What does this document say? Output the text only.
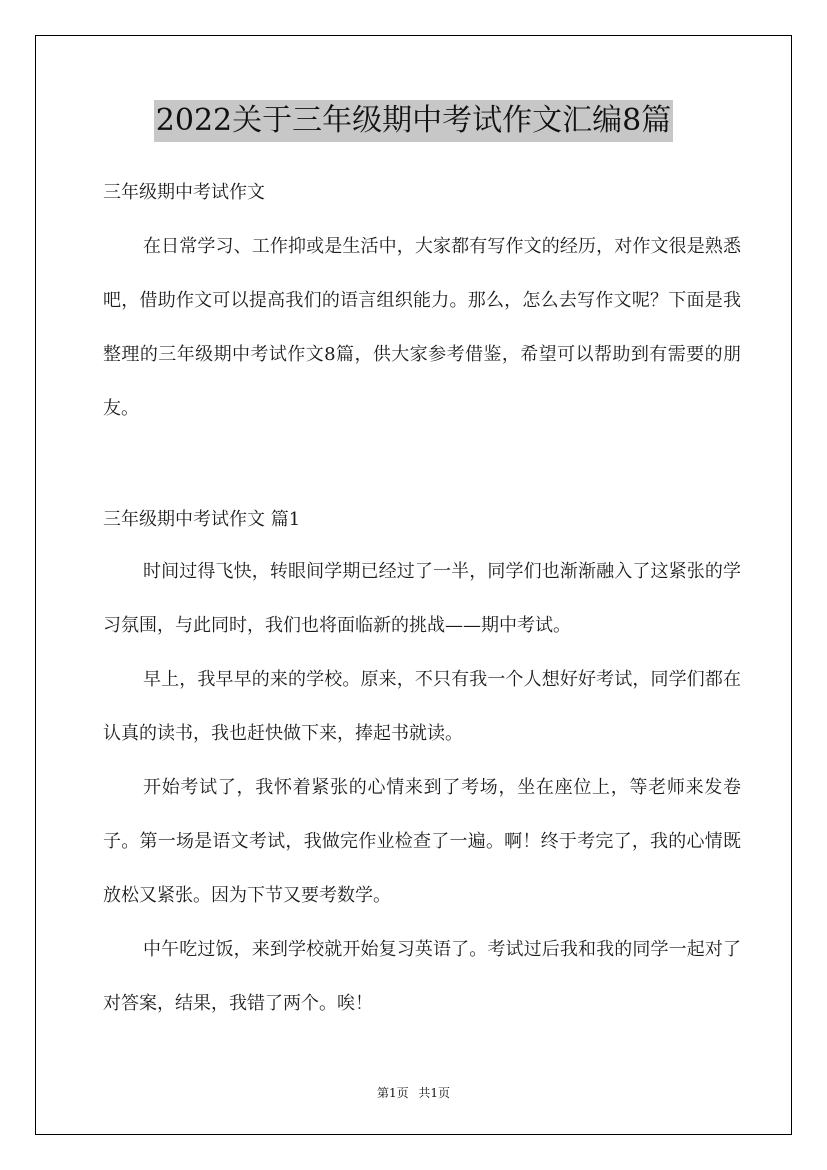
2022关于三年级期中考试作文汇编8篇
三年级期中考试作文

在日常学习、工作抑或是生活中，大家都有写作文的经历，对作文很是熟悉吧，借助作文可以提高我们的语言组织能力。那么，怎么去写作文呢？下面是我整理的三年级期中考试作文8篇，供大家参考借鉴，希望可以帮助到有需要的朋友。

三年级期中考试作文 篇1

时间过得飞快，转眼间学期已经过了一半，同学们也渐渐融入了这紧张的学习氛围，与此同时，我们也将面临新的挑战——期中考试。

早上，我早早的来的学校。原来，不只有我一个人想好好考试，同学们都在认真的读书，我也赶快做下来，捧起书就读。

开始考试了，我怀着紧张的心情来到了考场，坐在座位上，等老师来发卷子。第一场是语文考试，我做完作业检查了一遍。啊！终于考完了，我的心情既放松又紧张。因为下节又要考数学。

中午吃过饭，来到学校就开始复习英语了。考试过后我和我的同学一起对了对答案，结果，我错了两个。唉！

第1页 共1页
